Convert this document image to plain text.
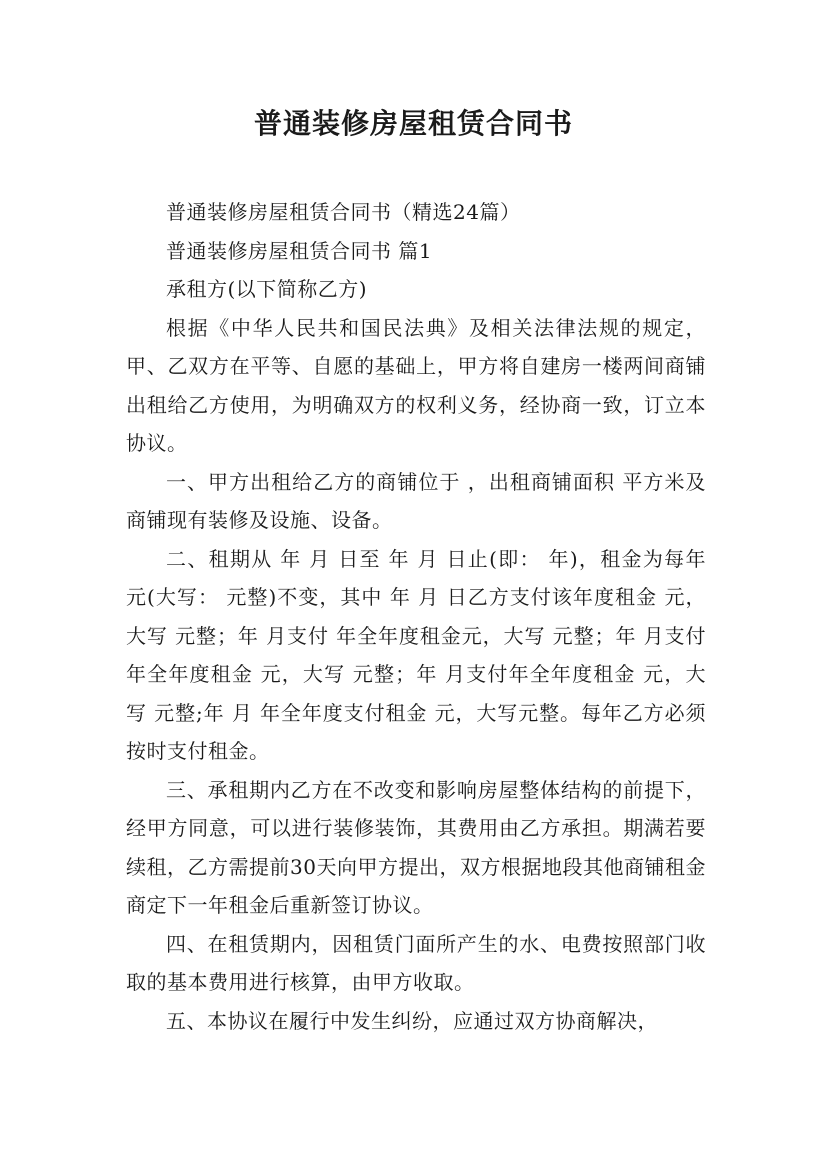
普通装修房屋租赁合同书

普通装修房屋租赁合同书（精选24篇）

普通装修房屋租赁合同书 篇1

承租方(以下简称乙方)

根据《中华人民共和国民法典》及相关法律法规的规定，甲、乙双方在平等、自愿的基础上，甲方将自建房一楼两间商铺出租给乙方使用，为明确双方的权利义务，经协商一致，订立本协议。

一、甲方出租给乙方的商铺位于 ，出租商铺面积 平方米及商铺现有装修及设施、设备。

二、租期从 年 月 日至 年 月 日止(即： 年)，租金为每年 元(大写： 元整)不变，其中 年 月 日乙方支付该年度租金 元，大写 元整；年 月支付 年全年度租金元，大写 元整；年 月支付 年全年度租金 元，大写 元整；年 月支付年全年度租金 元，大写 元整;年 月 年全年度支付租金 元，大写元整。每年乙方必须按时支付租金。

三、承租期内乙方在不改变和影响房屋整体结构的前提下，经甲方同意，可以进行装修装饰，其费用由乙方承担。期满若要续租，乙方需提前30天向甲方提出，双方根据地段其他商铺租金商定下一年租金后重新签订协议。

四、在租赁期内，因租赁门面所产生的水、电费按照部门收取的基本费用进行核算，由甲方收取。

五、本协议在履行中发生纠纷，应通过双方协商解决，
